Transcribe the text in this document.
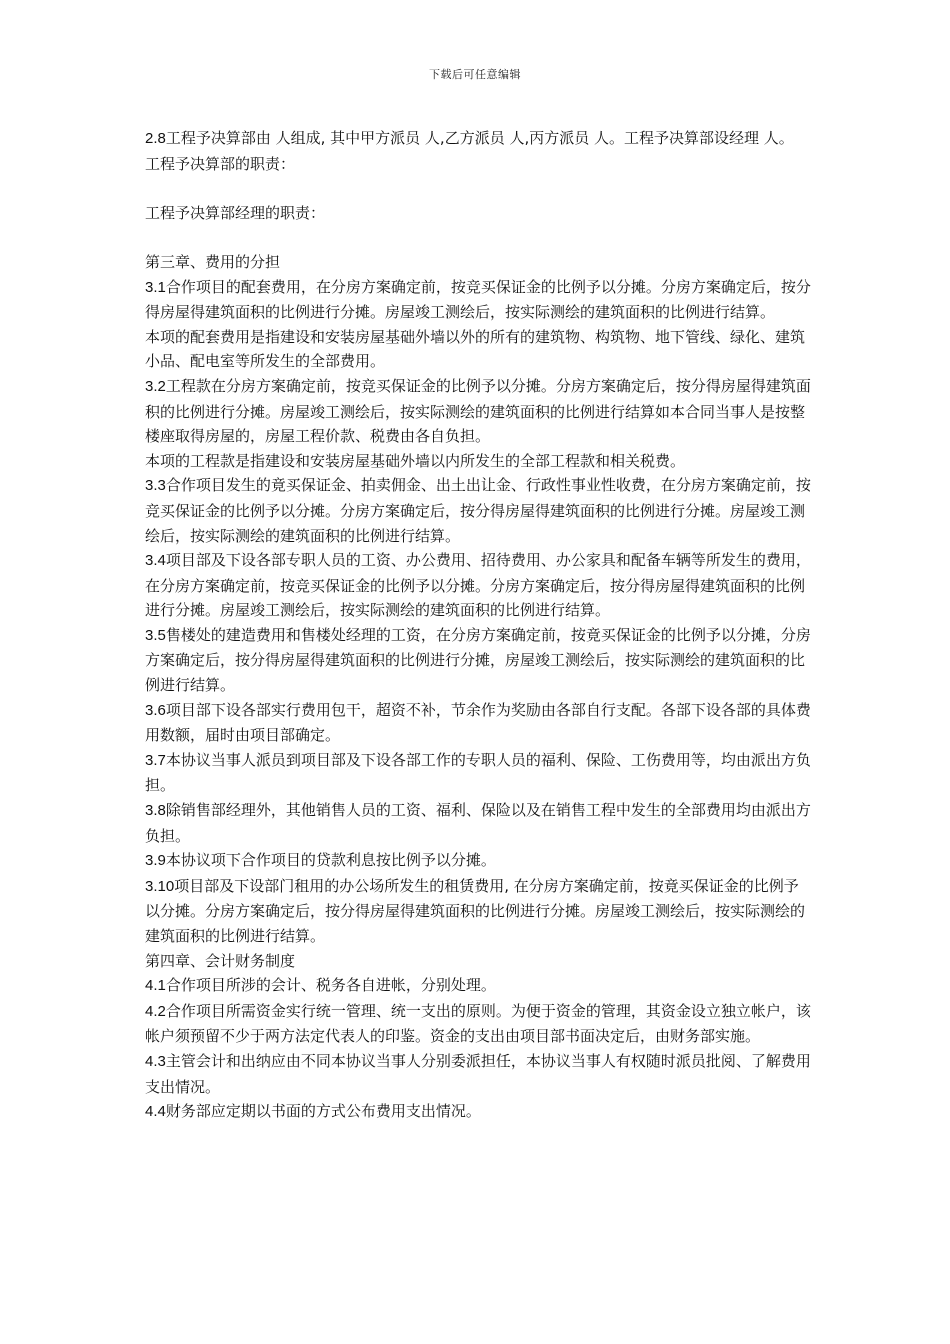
下载后可任意编辑

2.8工程予决算部由 人组成, 其中甲方派员 人,乙方派员 人,丙方派员 人。工程予决算部设经理 人。

工程予决算部的职责：

工程予决算部经理的职责：

第三章、费用的分担

3.1合作项目的配套费用，在分房方案确定前，按竞买保证金的比例予以分摊。分房方案确定后，按分得房屋得建筑面积的比例进行分摊。房屋竣工测绘后，按实际测绘的建筑面积的比例进行结算。

本项的配套费用是指建设和安装房屋基础外墙以外的所有的建筑物、构筑物、地下管线、绿化、建筑小品、配电室等所发生的全部费用。

3.2工程款在分房方案确定前，按竞买保证金的比例予以分摊。分房方案确定后，按分得房屋得建筑面积的比例进行分摊。房屋竣工测绘后，按实际测绘的建筑面积的比例进行结算如本合同当事人是按整楼座取得房屋的，房屋工程价款、税费由各自负担。

本项的工程款是指建设和安装房屋基础外墙以内所发生的全部工程款和相关税费。

3.3合作项目发生的竟买保证金、拍卖佣金、出土出让金、行政性事业性收费，在分房方案确定前，按竞买保证金的比例予以分摊。分房方案确定后，按分得房屋得建筑面积的比例进行分摊。房屋竣工测绘后，按实际测绘的建筑面积的比例进行结算。

3.4项目部及下设各部专职人员的工资、办公费用、招待费用、办公家具和配备车辆等所发生的费用，在分房方案确定前，按竞买保证金的比例予以分摊。分房方案确定后，按分得房屋得建筑面积的比例进行分摊。房屋竣工测绘后，按实际测绘的建筑面积的比例进行结算。

3.5售楼处的建造费用和售楼处经理的工资，在分房方案确定前，按竟买保证金的比例予以分摊，分房方案确定后，按分得房屋得建筑面积的比例进行分摊，房屋竣工测绘后，按实际测绘的建筑面积的比例进行结算。

3.6项目部下设各部实行费用包干，超资不补，节余作为奖励由各部自行支配。各部下设各部的具体费用数额，届时由项目部确定。

3.7本协议当事人派员到项目部及下设各部工作的专职人员的福利、保险、工伤费用等，均由派出方负担。

3.8除销售部经理外，其他销售人员的工资、福利、保险以及在销售工程中发生的全部费用均由派出方负担。

3.9本协议项下合作项目的贷款利息按比例予以分摊。

3.10项目部及下设部门租用的办公场所发生的租赁费用, 在分房方案确定前，按竟买保证金的比例予以分摊。分房方案确定后，按分得房屋得建筑面积的比例进行分摊。房屋竣工测绘后，按实际测绘的建筑面积的比例进行结算。

第四章、会计财务制度

4.1合作项目所涉的会计、税务各自进帐，分别处理。

4.2合作项目所需资金实行统一管理、统一支出的原则。为便于资金的管理，其资金设立独立帐户，该帐户须预留不少于两方法定代表人的印鉴。资金的支出由项目部书面决定后，由财务部实施。

4.3主管会计和出纳应由不同本协议当事人分别委派担任，本协议当事人有权随时派员批阅、了解费用支出情况。

4.4财务部应定期以书面的方式公布费用支出情况。
